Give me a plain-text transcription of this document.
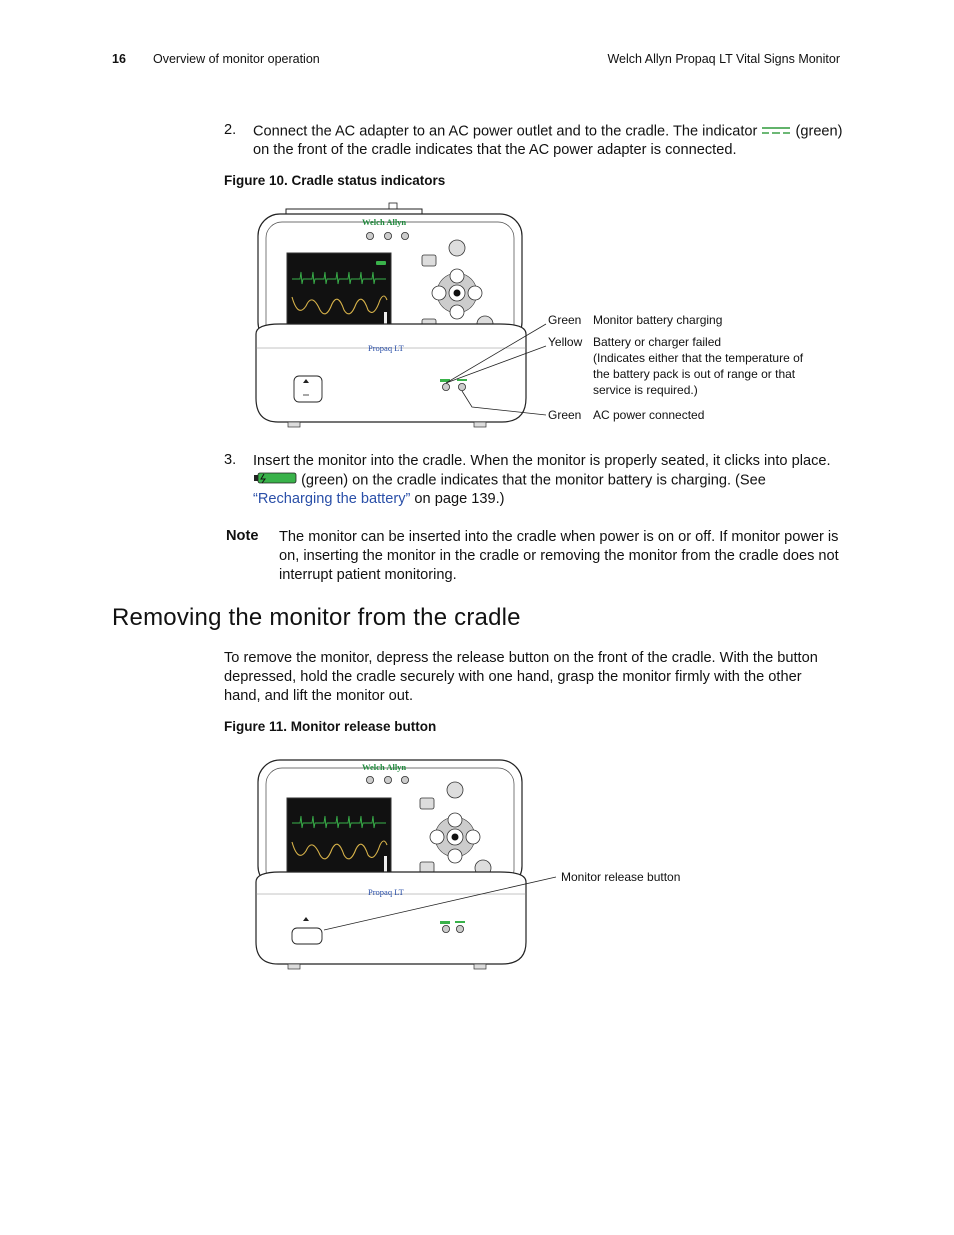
16 Overview of monitor operation	Welch Allyn Propaq LT Vital Signs Monitor
2. Connect the AC adapter to an AC power outlet and to the cradle. The indicator	(green) on the front of the cradle indicates that the AC power adapter is connected.
Figure 10. Cradle status indicators
Welch Allyn
Propaq LT
Green Monitor battery charging
Yellow Battery or charger failed
(Indicates either that the temperature of
the battery pack is out of range or that
service is required.)
Green AC power connected
3. Insert the monitor into the cradle. When the monitor is properly seated, it clicks into place.  (green) on the cradle indicates that the monitor battery is charging. (See “Recharging the battery” on page 139.)
Note The monitor can be inserted into the cradle when power is on or off. If monitor power is on, inserting the monitor in the cradle or removing the monitor from the cradle does not interrupt patient monitoring.
Removing the monitor from the cradle
To remove the monitor, depress the release button on the front of the cradle. With the button depressed, hold the cradle securely with one hand, grasp the monitor firmly with the other hand, and lift the monitor out.
Figure 11. Monitor release button
Welch Allyn
Propaq LT
Monitor release button
